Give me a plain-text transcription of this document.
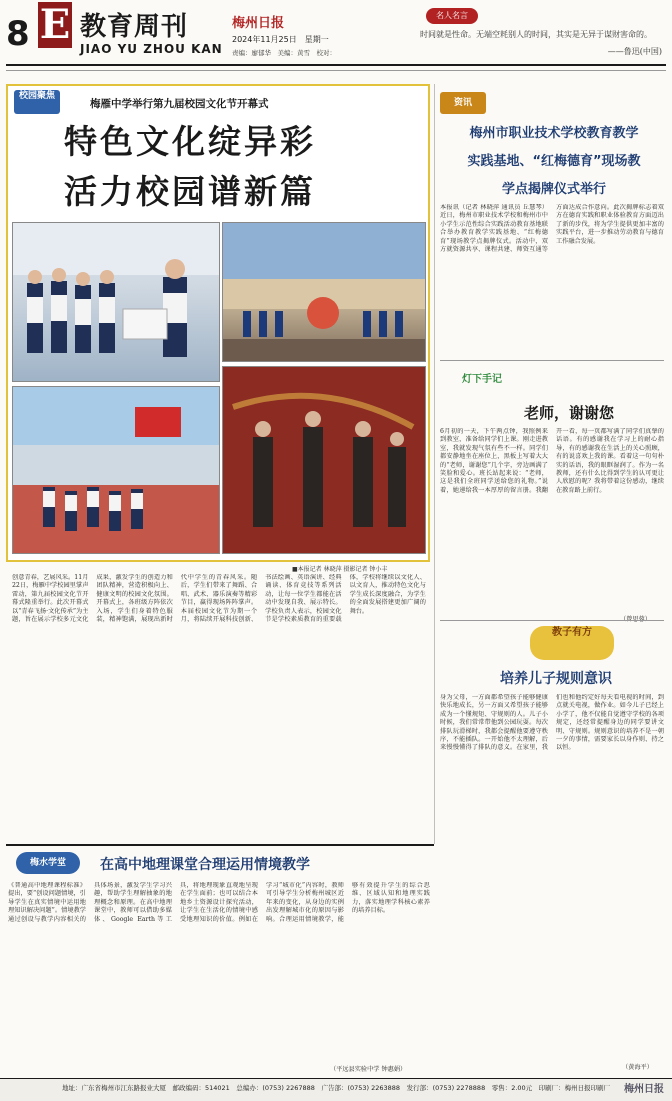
8 E 教育周刊
JIAO YU ZHOU KAN
梅州日报
2024年11月25日　星期一
责编：廖郁华　美编：黄雪　校对：
名人名言
时间就是性命。无端空耗别人的时间，其实是无异于谋财害命的。
——鲁迅(中国)
校园聚焦
梅雁中学举行第九届校园文化节开幕式
特色文化绽异彩
活力校园谱新篇
■本报记者 林晓萍 摄影记者 钟小丰
创意青春，艺展风采。11月22日，梅雁中学校园里掌声雷动，第九届校园文化节开幕式隆重举行。此次开幕式以“青春飞扬·文化传承”为主题，旨在展示学校多元文化成果，激发学生的创造力和团队精神，营造积极向上、健康文明的校园文化氛围。开幕式上，各班级方阵依次入场，学生们身着特色服装，精神饱满，展现出新时代中学生的青春风采。随后，学生们带来了舞蹈、合唱、武术、器乐演奏等精彩节目，赢得现场阵阵掌声。本届校园文化节为期一个月，将陆续开展科技创新、书法绘画、英语演讲、经典诵读、体育竞技等系列活动，让每一位学生都能在活动中发现自我、展示特长。学校负责人表示，校园文化节是学校素质教育的重要载体，学校将继续以文化人、以文育人，推动特色文化与学生成长深度融合，为学生的全面发展搭建更加广阔的舞台。
资讯
梅州市职业技术学校教育教学
实践基地、“红梅德育”现场教
学点揭牌仪式举行
本报讯（记者 林晓萍 通讯员 丘慧琴）近日，梅州市职业技术学校和梅州市中小学生示范性综合实践活动教育基地联合举办教育教学实践基地、“红梅德育”现场教学点揭牌仪式。活动中，双方就资源共享、课程共建、师资互通等方面达成合作意向。此次揭牌标志着双方在德育实践和职业体验教育方面迈出了新的步伐，将为学生提供更加丰富的实践平台，进一步推动劳动教育与德育工作融合发展。
灯下手记
老师，谢谢您
6月初的一天，下午两点钟，我照例来到教室，准备给同学们上课。刚走进教室，我就发现气氛有些不一样。同学们都安静地坐在座位上，黑板上写着大大的“老师，谢谢您”几个字，旁边画满了笑脸和爱心。班长站起来说：“老师，这是我们全班同学送给您的礼物。”说着，她递给我一本厚厚的留言册。我翻开一看，每一页都写满了同学们真挚的话语。有的感谢我在学习上的耐心指导，有的感谢我在生活上的关心照顾，有的说喜欢上我的课。看着这一句句朴实的话语，我的眼眶湿润了。作为一名教师，还有什么比得到学生的认可更让人欣慰的呢？我将带着这份感动，继续在教育路上前行。
教子有方
培养儿子规则意识
身为父母，一方面都希望孩子能够健康快乐地成长，另一方面又希望孩子能够成为一个懂规矩、守规则的人。儿子小时候，我们常常带他到公园玩耍。每次排队玩滑梯时，我都会提醒他要遵守秩序，不能插队。一开始他不太理解，后来慢慢懂得了排队的意义。在家里，我们也和他约定好每天看电视的时间，到点就关电视，做作业。如今儿子已经上小学了，他不仅能自觉遵守学校的各项规定，还经常提醒身边的同学要讲文明、守规则。规则意识的培养不是一朝一夕的事情，需要家长以身作则、持之以恒。
（黄海平）
梅水学堂	在高中地理课堂合理运用情境教学
《普通高中地理课程标准》提出，要“创设问题情境，引导学生在真实情境中运用地理知识解决问题”。情境教学通过创设与教学内容相关的具体场景，激发学生学习兴趣，帮助学生理解抽象的地理概念和原理。在高中地理课堂中，教师可以借助多媒体、Google Earth等工具，将地理现象直观地呈现在学生面前；也可以结合本地乡土资源设计探究活动，让学生在生活化的情境中感受地理知识的价值。例如在学习“城市化”内容时，教师可引导学生分析梅州城区近年来的变化，从身边的实例出发理解城市化的原因与影响。合理运用情境教学，能够有效提升学生的综合思维、区域认知和地理实践力，落实地理学科核心素养的培养目标。
（平远县实验中学 钟惠娟）
地址：广东省梅州市江东路报业大厦　邮政编码：514021　总编办：(0753) 2267888　广告部：(0753) 2263888　发行部：(0753) 2278888　零售：2.00元　印刷厂：梅州日报印刷厂 梅州日报
